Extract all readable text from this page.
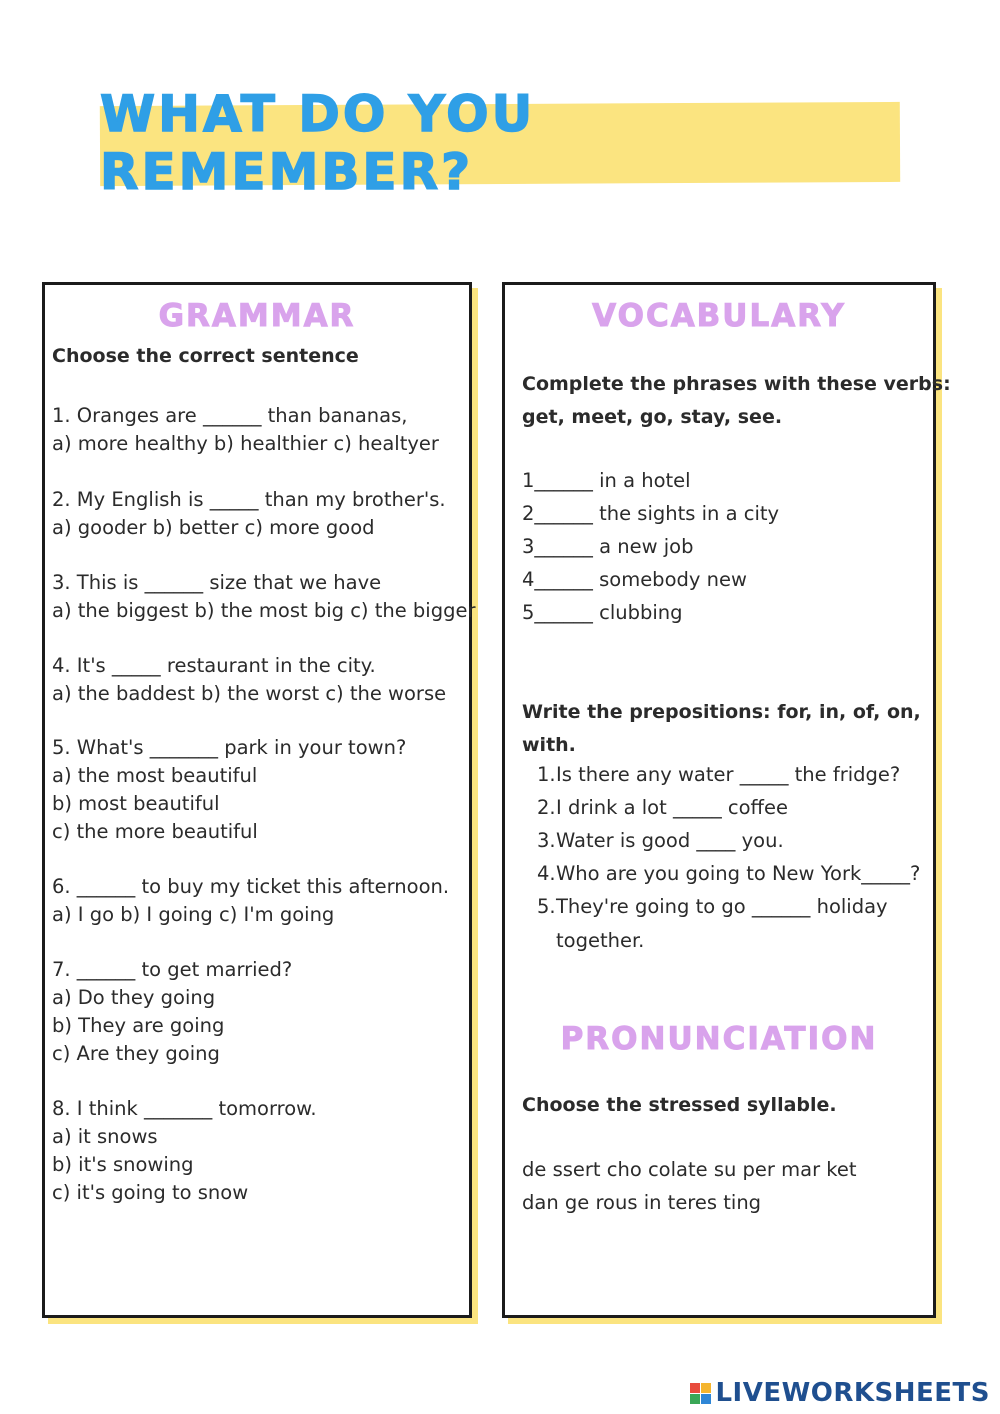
WHAT DO YOU REMEMBER?
GRAMMAR
Choose the correct sentence
1. Oranges are ______ than bananas,
a) more healthy b) healthier c) healtyer
2. My English is _____ than my brother's.
a) gooder b) better c) more good
3. This is ______ size that we have
a) the biggest b) the most big c) the bigger
4. It's _____ restaurant in the city.
a) the baddest b) the worst c) the worse
5. What's _______ park in your town?
a) the most beautiful
b) most beautiful
c) the more beautiful
6. ______ to buy my ticket this afternoon.
a) I go b) I going c) I'm going
7. ______ to get married?
a) Do they going
b) They are going
c) Are they going
8. I think _______ tomorrow.
a) it snows
b) it's snowing
c) it's going to snow
VOCABULARY
Complete the phrases with these verbs:
get, meet, go, stay, see.
1______ in a hotel
2______ the sights in a city
3______ a new job
4______ somebody new
5______ clubbing
Write the prepositions: for, in, of, on,
with.
1. Is there any water _____ the fridge?
2. I drink a lot _____ coffee
3. Water is good ____ you.
4. Who are you going to New York_____?
5. They're going to go ______ holiday
together.
PRONUNCIATION
Choose the stressed syllable.
de ssert cho colate su per mar ket
dan ge rous in teres ting
LIVEWORKSHEETS
